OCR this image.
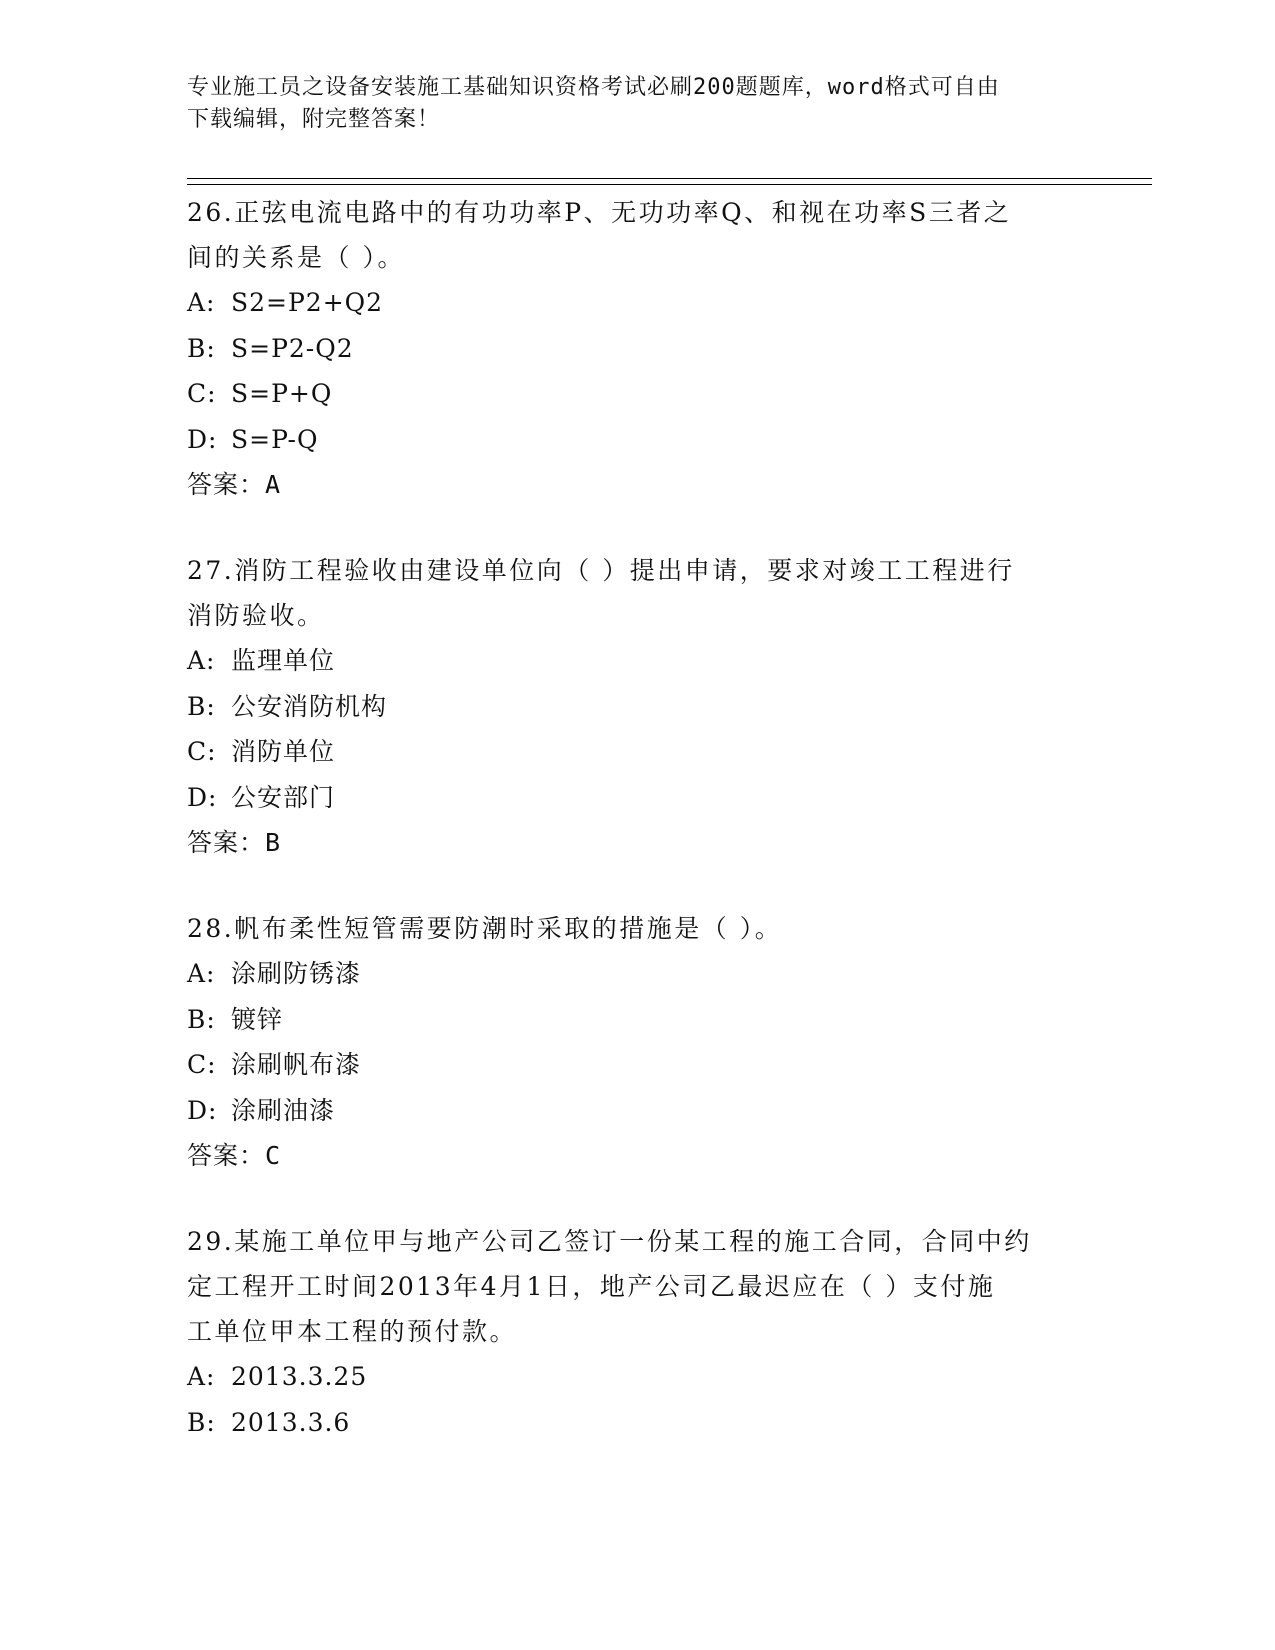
专业施工员之设备安装施工基础知识资格考试必刷200题题库，word格式可自由
下载编辑，附完整答案！
26.正弦电流电路中的有功功率P、无功功率Q、和视在功率S三者之
间的关系是（ ）。
A: S2=P2+Q2
B: S=P2-Q2
C: S=P+Q
D: S=P-Q
答案：A
27.消防工程验收由建设单位向（ ）提出申请，要求对竣工工程进行
消防验收。
A: 监理单位
B: 公安消防机构
C: 消防单位
D: 公安部门
答案：B
28.帆布柔性短管需要防潮时采取的措施是（ ）。
A: 涂刷防锈漆
B: 镀锌
C: 涂刷帆布漆
D: 涂刷油漆
答案：C
29.某施工单位甲与地产公司乙签订一份某工程的施工合同，合同中约
定工程开工时间2013年4月1日，地产公司乙最迟应在（ ）支付施
工单位甲本工程的预付款。
A: 2013.3.25
B: 2013.3.6
